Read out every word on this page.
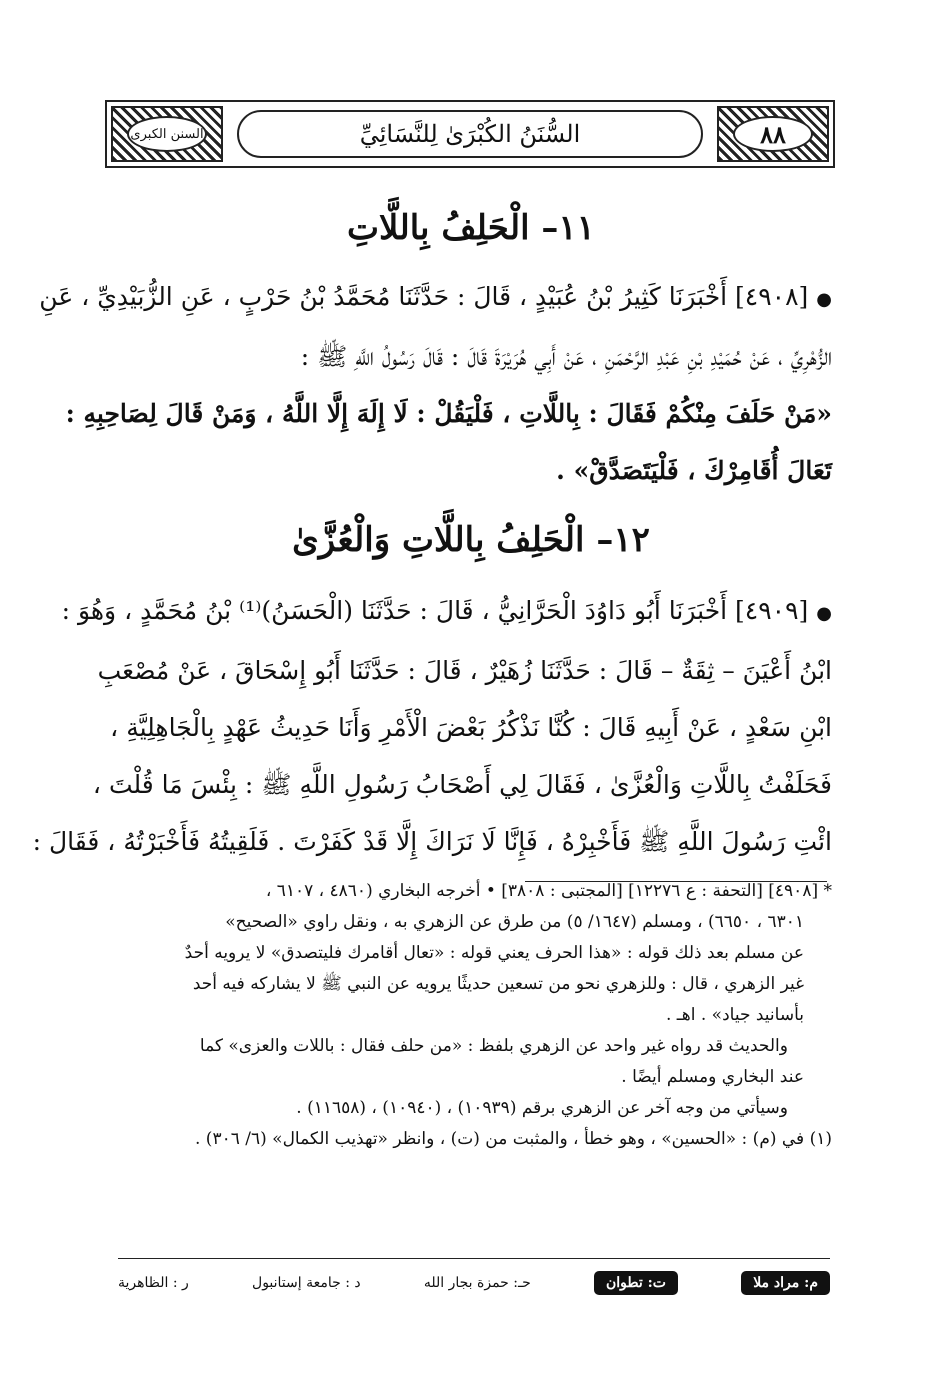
السنن الكبرى	السُّنَنُ الكُبْرَىٰ لِلنَّسَائِيِّ	٨٨
١١– الْحَلِفُ بِاللَّاتِ
●[٤٩٠٨] أَخْبَرَنَا كَثِيرُ بْنُ عُبَيْدٍ ، قَالَ : حَدَّثَنَا مُحَمَّدُ بْنُ حَرْبٍ ، عَنِ الزُّبَيْدِيِّ ، عَنِ
الزُّهْرِيِّ ، عَنْ حُمَيْدِ بْنِ عَبْدِ الرَّحْمَنِ ، عَنْ أَبِي هُرَيْرَةَ قَالَ : قَالَ رَسُولُ اللَّهِ ﷺ :
«مَنْ حَلَفَ مِنْكُمْ فَقَالَ : بِاللَّاتِ ، فَلْيَقُلْ : لَا إِلَهَ إِلَّا اللَّهُ ، وَمَنْ قَالَ لِصَاحِبِهِ :
تَعَالَ أُقَامِرْكَ ، فَلْيَتَصَدَّقْ» .
١٢– الْحَلِفُ بِاللَّاتِ وَالْعُزَّىٰ
●[٤٩٠٩] أَخْبَرَنَا أَبُو دَاوُدَ الْحَرَّانِيُّ ، قَالَ : حَدَّثَنَا (الْحَسَنُ)⁽¹⁾ بْنُ مُحَمَّدٍ ، وَهُوَ :
ابْنُ أَعْيَنَ – ثِقَةٌ – قَالَ : حَدَّثَنَا زُهَيْرٌ ، قَالَ : حَدَّثَنَا أَبُو إِسْحَاقَ ، عَنْ مُصْعَبِ
ابْنِ سَعْدٍ ، عَنْ أَبِيهِ قَالَ : كُنَّا نَذْكُرُ بَعْضَ الْأَمْرِ وَأَنَا حَدِيثُ عَهْدٍ بِالْجَاهِلِيَّةِ ،
فَحَلَفْتُ بِاللَّاتِ وَالْعُزَّىٰ ، فَقَالَ لِي أَصْحَابُ رَسُولِ اللَّهِ ﷺ : بِئْسَ مَا قُلْتَ ،
ائْتِ رَسُولَ اللَّهِ ﷺ فَأَخْبِرْهُ ، فَإِنَّا لَا نَرَاكَ إِلَّا قَدْ كَفَرْتَ . فَلَقِيتُهُ فَأَخْبَرْتُهُ ، فَقَالَ :
* [٤٩٠٨] [التحفة : ع ١٢٢٧٦] [المجتبى : ٣٨٠٨] • أخرجه البخاري (٤٨٦٠ ، ٦١٠٧ ،
٦٣٠١ ، ٦٦٥٠) ، ومسلم (١٦٤٧/ ٥) من طرق عن الزهري به ، ونقل راوي «الصحيح»
عن مسلم بعد ذلك قوله : «هذا الحرف يعني قوله : «تعال أقامرك فليتصدق» لا يرويه أحدٌ
غير الزهري ، قال : وللزهري نحو من تسعين حديثًا يرويه عن النبي ﷺ لا يشاركه فيه أحد
بأسانيد جياد» . اهـ .
والحديث قد رواه غير واحد عن الزهري بلفظ : «من حلف فقال : باللات والعزى» كما
عند البخاري ومسلم أيضًا .
وسيأتي من وجه آخر عن الزهري برقم (١٠٩٣٩) ، (١٠٩٤٠) ، (١١٦٥٨) .
(١) في (م) : «الحسين» ، وهو خطأ ، والمثبت من (ت) ، وانظر «تهذيب الكمال» (٦/ ٣٠٦) .
ر : الظاهرية	د : جامعة إستانبول	حـ: حمزة بجار الله	ت: تطوان	م: مراد ملا
